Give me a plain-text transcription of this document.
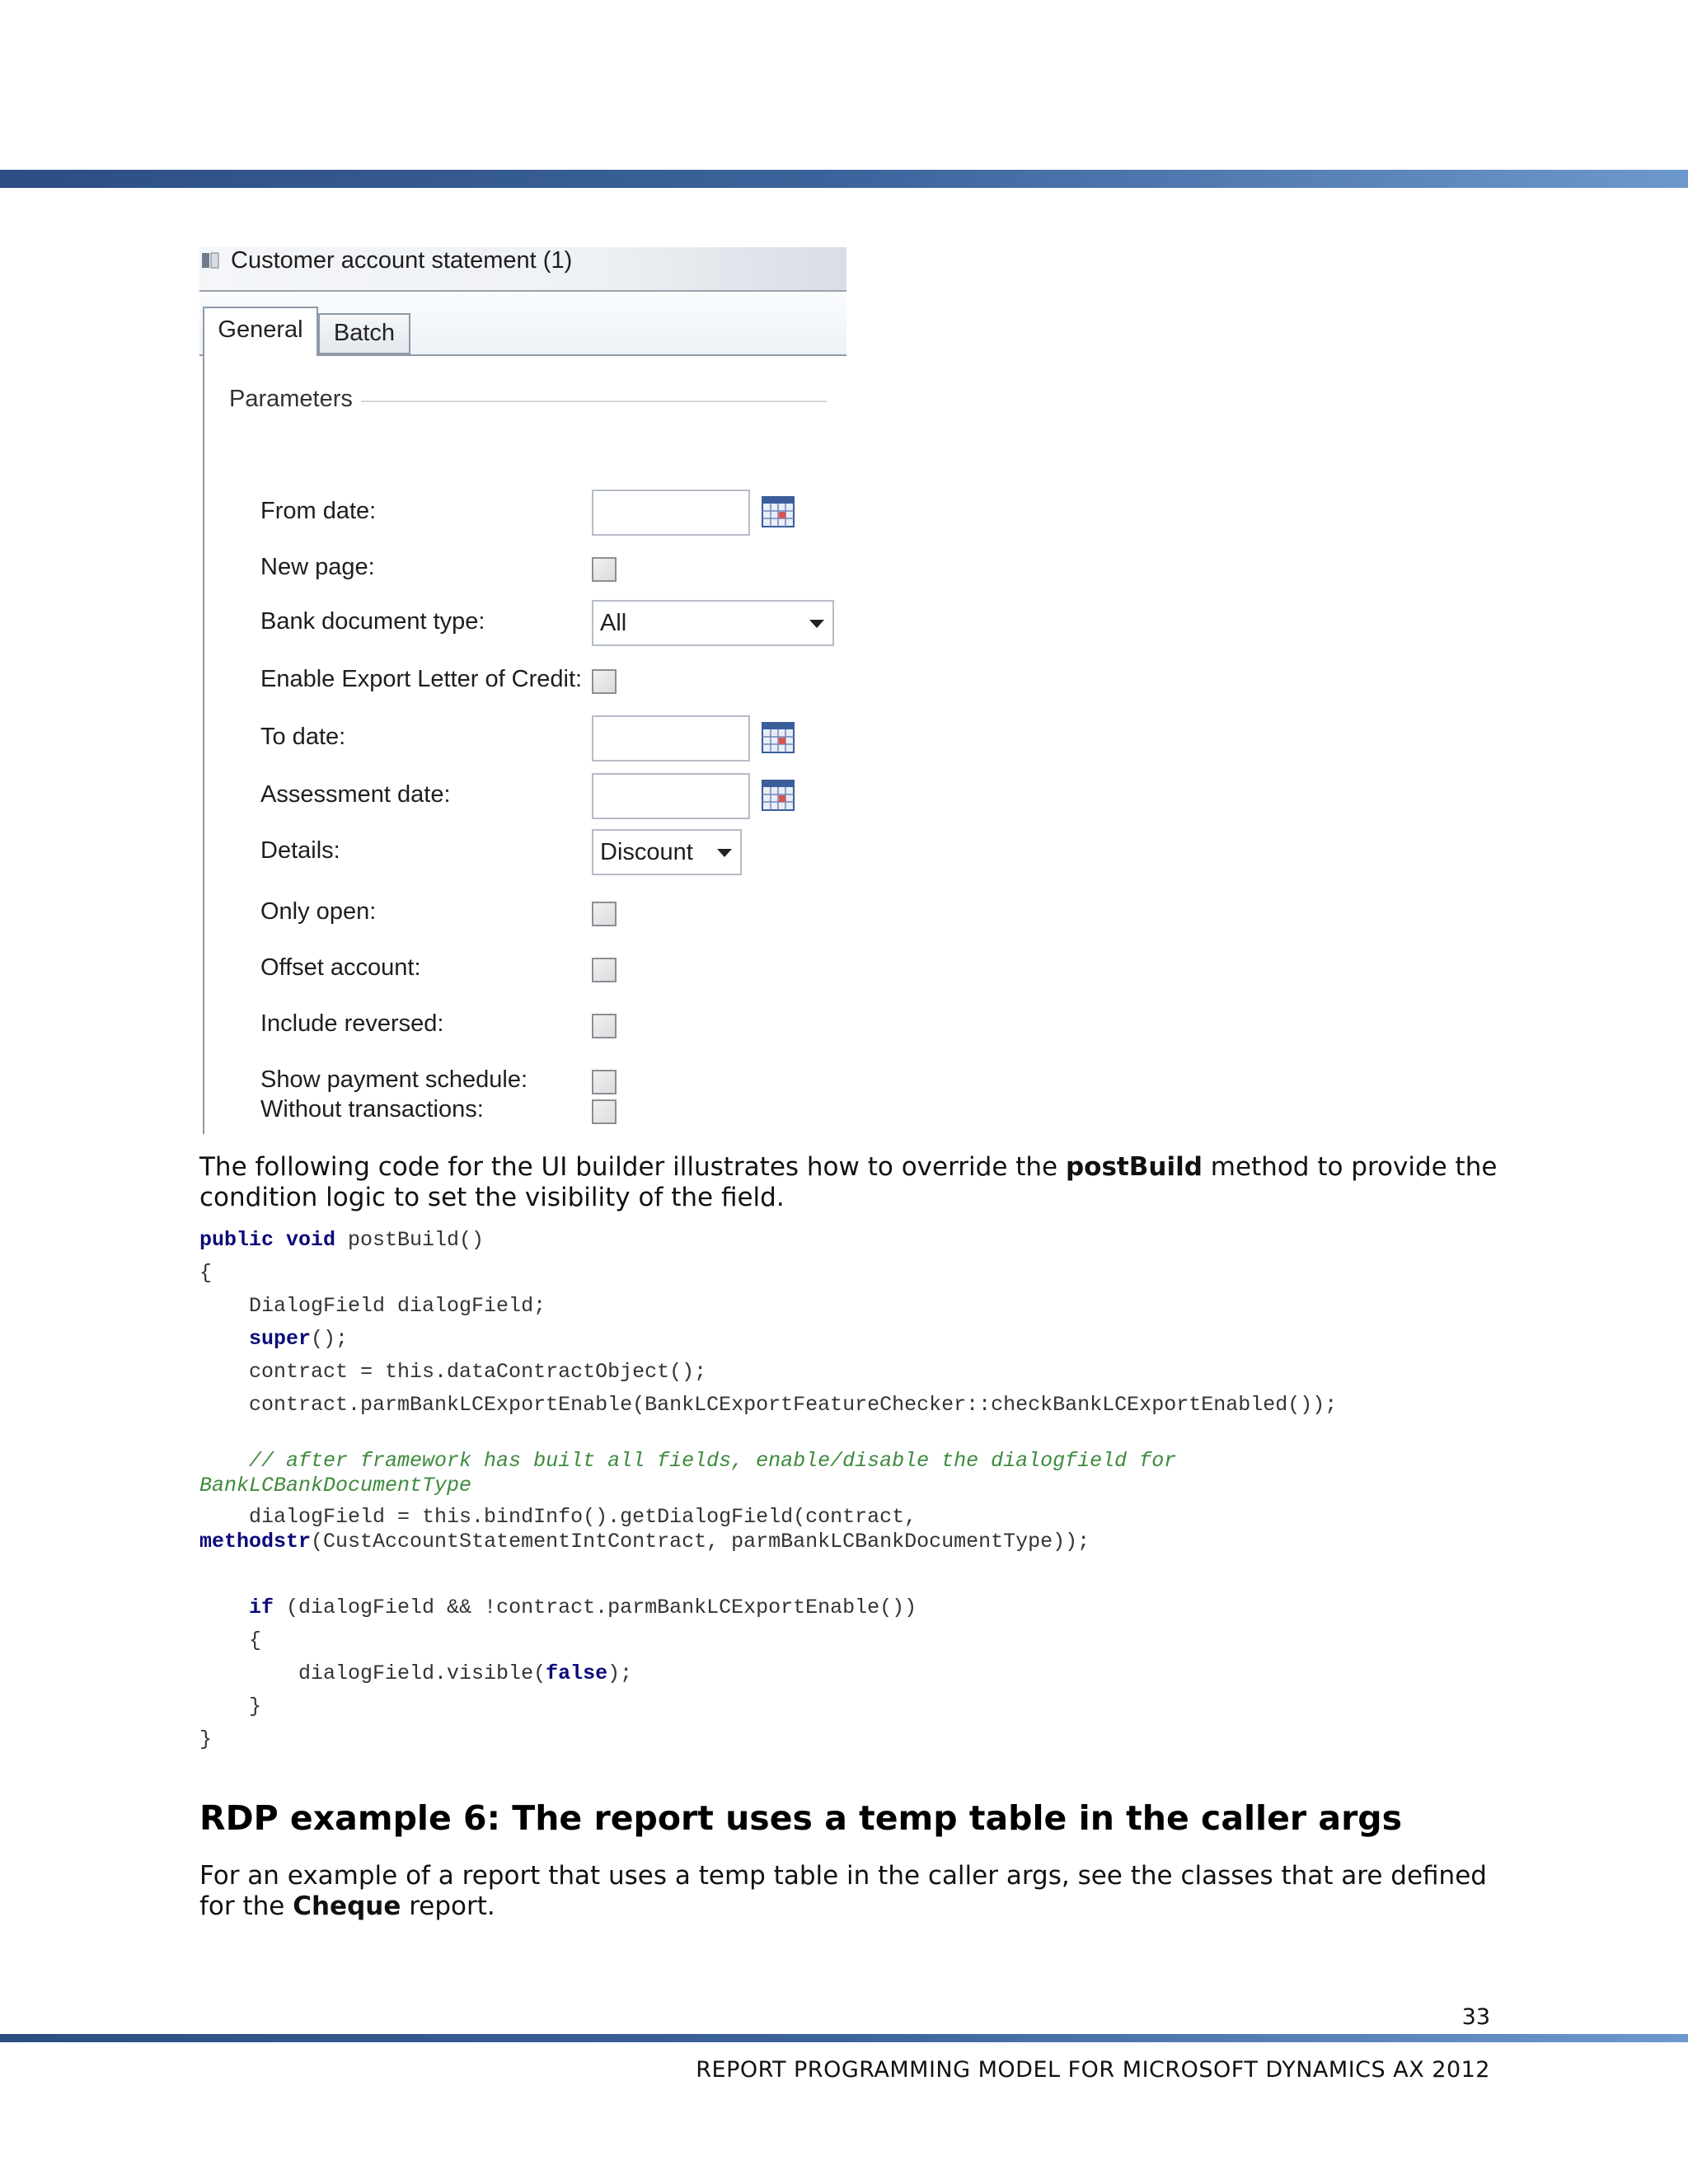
Customer account statement (1)
General	Batch
Parameters
From date:
New page:
Bank document type:	All
Enable Export Letter of Credit:
To date:
Assessment date:
Details:	Discount
Only open:
Offset account:
Include reversed:
Show payment schedule:
Without transactions:
The following code for the UI builder illustrates how to override the postBuild method to provide the condition logic to set the visibility of the field.
public void postBuild()
{
DialogField dialogField;
super();
contract = this.dataContractObject();
contract.parmBankLCExportEnable(BankLCExportFeatureChecker::checkBankLCExportEnabled());
// after framework has built all fields, enable/disable the dialogfield for
BankLCBankDocumentType
dialogField = this.bindInfo().getDialogField(contract,
methodstr(CustAccountStatementIntContract, parmBankLCBankDocumentType));
if (dialogField && !contract.parmBankLCExportEnable())
{
dialogField.visible(false);
}
}
RDP example 6: The report uses a temp table in the caller args
For an example of a report that uses a temp table in the caller args, see the classes that are defined for the Cheque report.
33
REPORT PROGRAMMING MODEL FOR MICROSOFT DYNAMICS AX 2012
